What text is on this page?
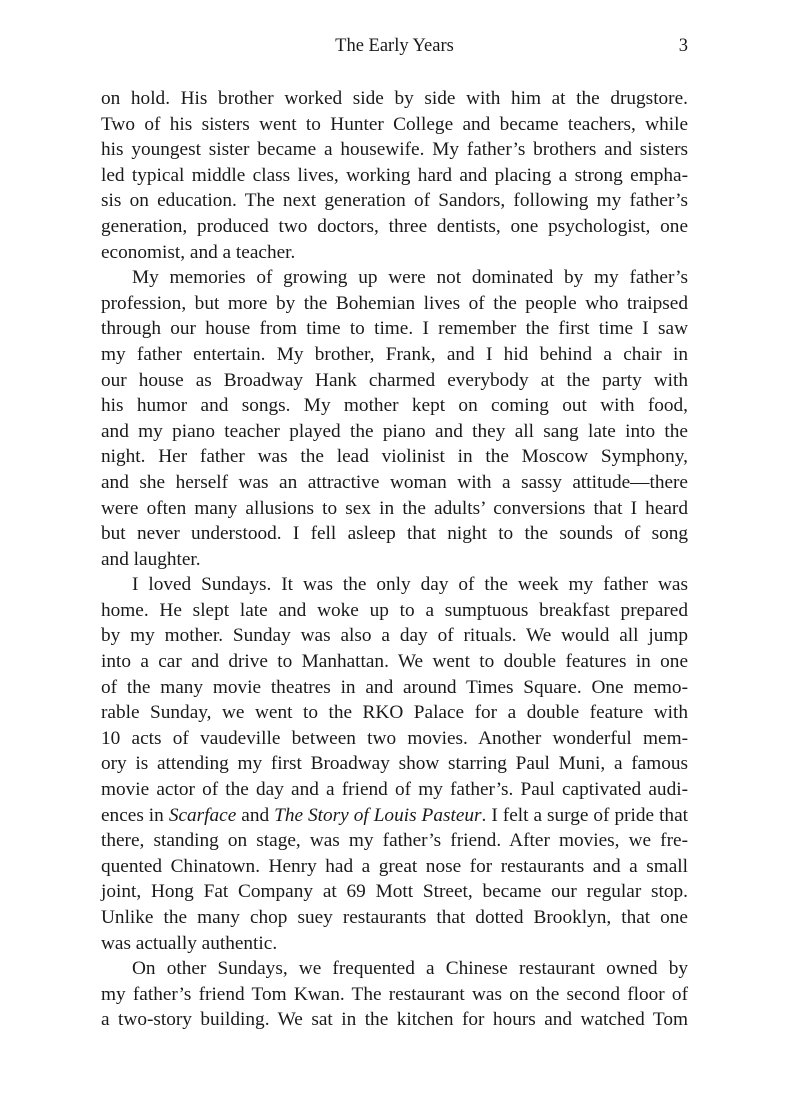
The Early Years	3
on hold. His brother worked side by side with him at the drugstore.
Two of his sisters went to Hunter College and became teachers, while
his youngest sister became a housewife. My father’s brothers and sisters
led typical middle class lives, working hard and placing a strong empha-
sis on education. The next generation of Sandors, following my father’s
generation, produced two doctors, three dentists, one psychologist, one
economist, and a teacher.
My memories of growing up were not dominated by my father’s
profession, but more by the Bohemian lives of the people who traipsed
through our house from time to time. I remember the first time I saw
my father entertain. My brother, Frank, and I hid behind a chair in
our house as Broadway Hank charmed everybody at the party with
his humor and songs. My mother kept on coming out with food,
and my piano teacher played the piano and they all sang late into the
night. Her father was the lead violinist in the Moscow Symphony,
and she herself was an attractive woman with a sassy attitude—there
were often many allusions to sex in the adults’ conversions that I heard
but never understood. I fell asleep that night to the sounds of song
and laughter.
I loved Sundays. It was the only day of the week my father was
home. He slept late and woke up to a sumptuous breakfast prepared
by my mother. Sunday was also a day of rituals. We would all jump
into a car and drive to Manhattan. We went to double features in one
of the many movie theatres in and around Times Square. One memo-
rable Sunday, we went to the RKO Palace for a double feature with
10 acts of vaudeville between two movies. Another wonderful mem-
ory is attending my first Broadway show starring Paul Muni, a famous
movie actor of the day and a friend of my father’s. Paul captivated audi-
ences in Scarface and The Story of Louis Pasteur. I felt a surge of pride that
there, standing on stage, was my father’s friend. After movies, we fre-
quented Chinatown. Henry had a great nose for restaurants and a small
joint, Hong Fat Company at 69 Mott Street, became our regular stop.
Unlike the many chop suey restaurants that dotted Brooklyn, that one
was actually authentic.
On other Sundays, we frequented a Chinese restaurant owned by
my father’s friend Tom Kwan. The restaurant was on the second floor of
a two-story building. We sat in the kitchen for hours and watched Tom
